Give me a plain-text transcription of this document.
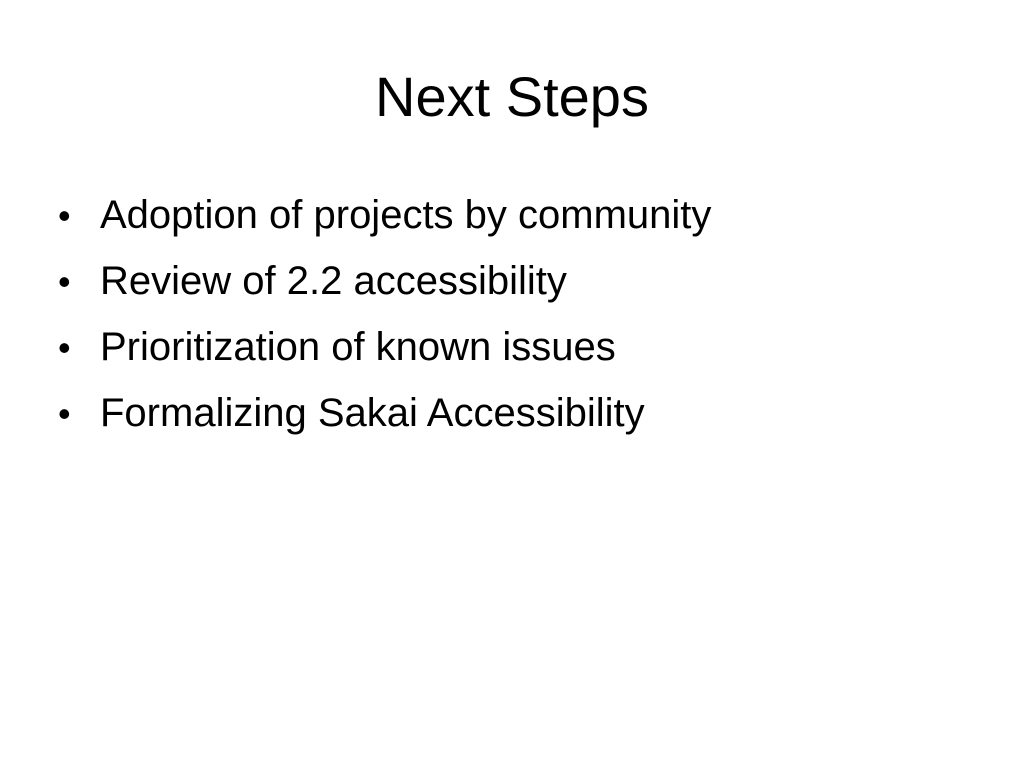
Next Steps
• Adoption of projects by community
• Review of 2.2 accessibility
• Prioritization of known issues
• Formalizing Sakai Accessibility
